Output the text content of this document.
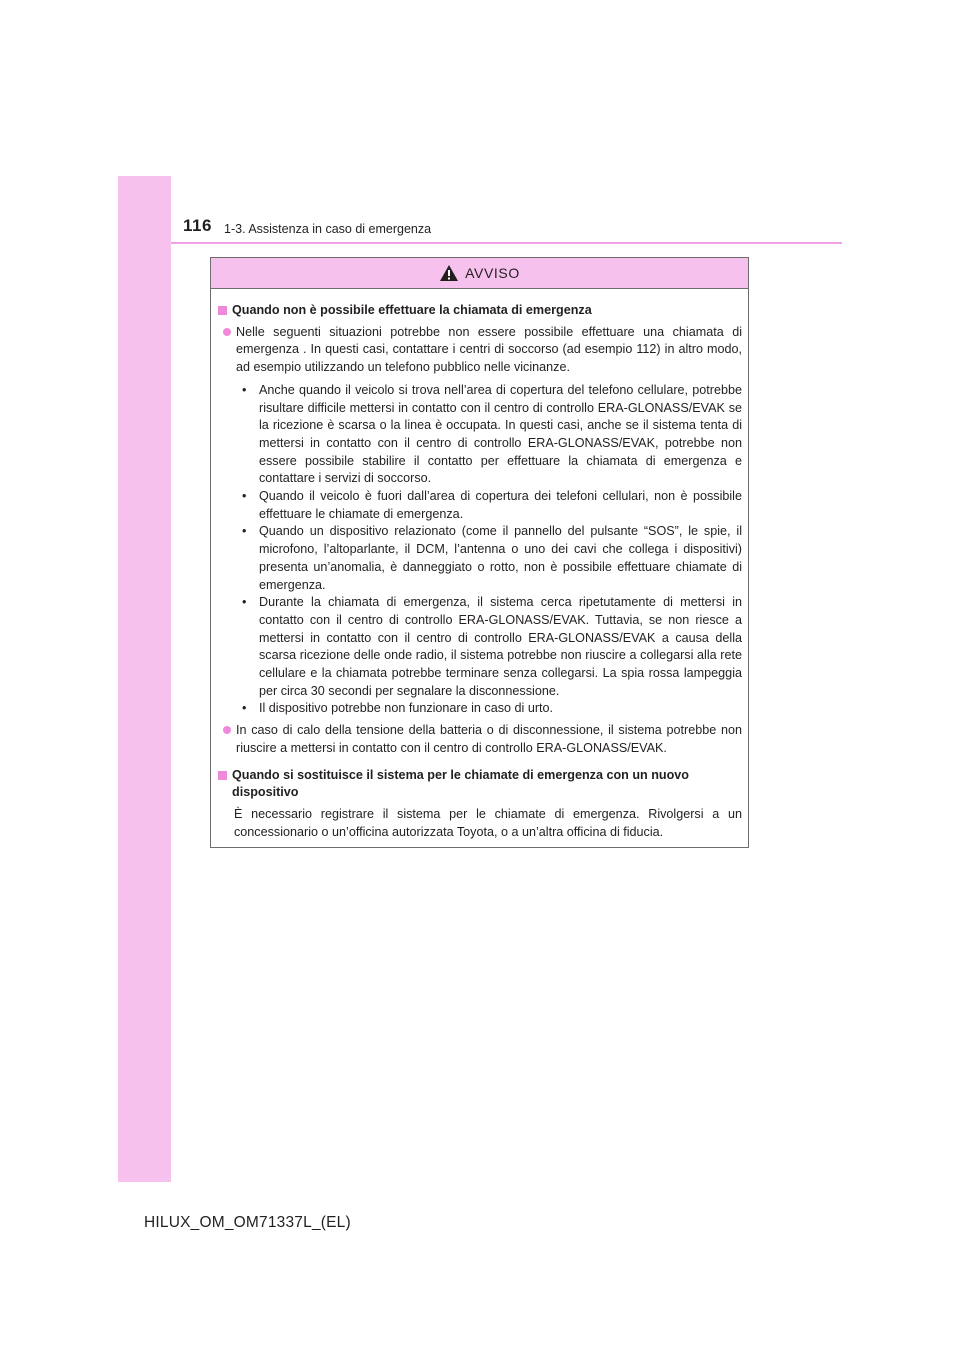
116 1-3. Assistenza in caso di emergenza
AVVISO
Quando non è possibile effettuare la chiamata di emergenza
Nelle seguenti situazioni potrebbe non essere possibile effettuare una chiamata di emergenza . In questi casi, contattare i centri di soccorso (ad esempio 112) in altro modo, ad esempio utilizzando un telefono pubblico nelle vicinanze.
• Anche quando il veicolo si trova nell’area di copertura del telefono cellulare, potrebbe risultare difficile mettersi in contatto con il centro di controllo ERA-GLONASS/EVAK se la ricezione è scarsa o la linea è occupata. In questi casi, anche se il sistema tenta di mettersi in contatto con il centro di controllo ERA-GLONASS/EVAK, potrebbe non essere possibile stabilire il contatto per effettuare la chiamata di emergenza e contattare i servizi di soccorso.
• Quando il veicolo è fuori dall’area di copertura dei telefoni cellulari, non è possibile effettuare le chiamate di emergenza.
• Quando un dispositivo relazionato (come il pannello del pulsante “SOS”, le spie, il microfono, l’altoparlante, il DCM, l’antenna o uno dei cavi che collega i dispositivi) presenta un’anomalia, è danneggiato o rotto, non è possibile effettuare chiamate di emergenza.
• Durante la chiamata di emergenza, il sistema cerca ripetutamente di mettersi in contatto con il centro di controllo ERA-GLONASS/EVAK. Tuttavia, se non riesce a mettersi in contatto con il centro di controllo ERA-GLONASS/EVAK a causa della scarsa ricezione delle onde radio, il sistema potrebbe non riuscire a collegarsi alla rete cellulare e la chiamata potrebbe terminare senza collegarsi. La spia rossa lampeggia per circa 30 secondi per segnalare la disconnessione.
• Il dispositivo potrebbe non funzionare in caso di urto.
In caso di calo della tensione della batteria o di disconnessione, il sistema potrebbe non riuscire a mettersi in contatto con il centro di controllo ERA-GLONASS/EVAK.
Quando si sostituisce il sistema per le chiamate di emergenza con un nuovo dispositivo
È necessario registrare il sistema per le chiamate di emergenza. Rivolgersi a un concessionario o un’officina autorizzata Toyota, o a un’altra officina di fiducia.
HILUX_OM_OM71337L_(EL)
